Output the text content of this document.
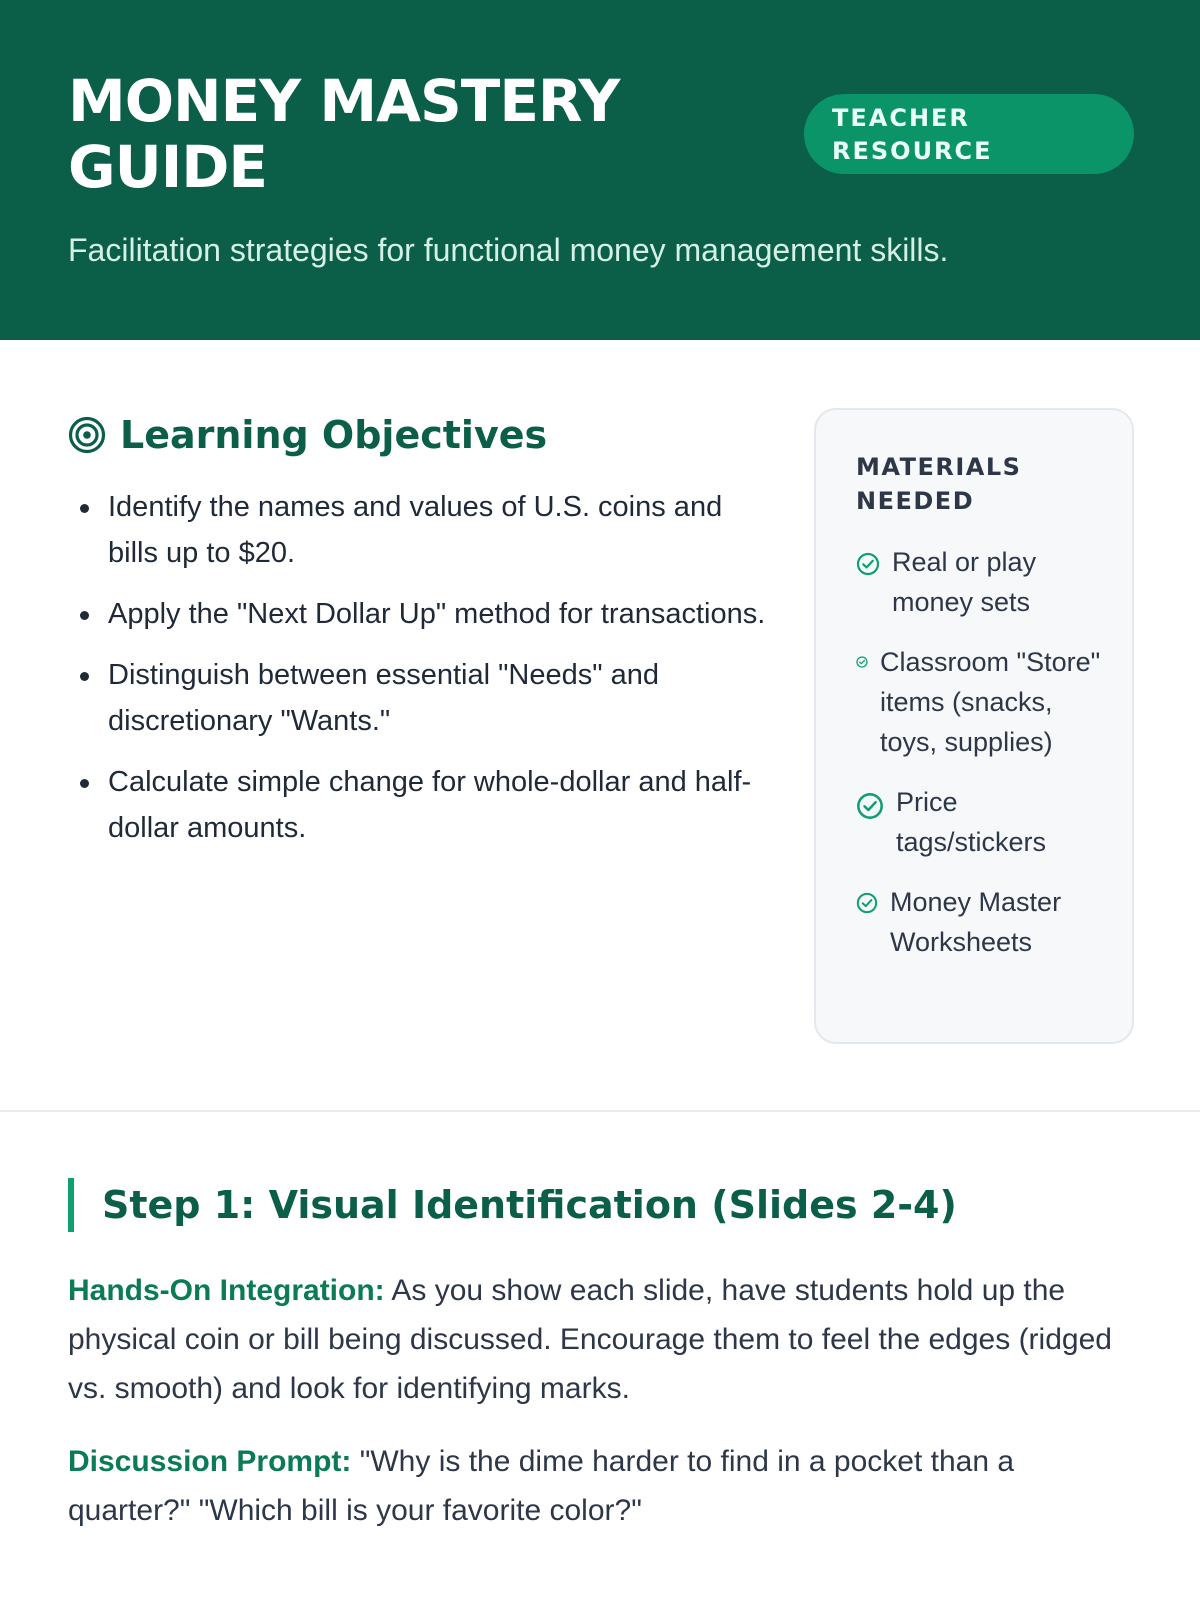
MONEY MASTERY GUIDE
TEACHER
RESOURCE

Facilitation strategies for functional money management skills.

Learning Objectives
Identify the names and values of U.S. coins and bills up to $20.
Apply the "Next Dollar Up" method for transactions.
Distinguish between essential "Needs" and discretionary "Wants."
Calculate simple change for whole-dollar and half-dollar amounts.
MATERIALS NEEDED
Real or play money sets
Classroom "Store" items (snacks, toys, supplies)
Price tags/stickers
Money Master Worksheets
Step 1: Visual Identification (Slides 2-4)

Hands-On Integration: As you show each slide, have students hold up the physical coin or bill being discussed. Encourage them to feel the edges (ridged vs. smooth) and look for identifying marks.

Discussion Prompt: "Why is the dime harder to find in a pocket than a quarter?" "Which bill is your favorite color?"
